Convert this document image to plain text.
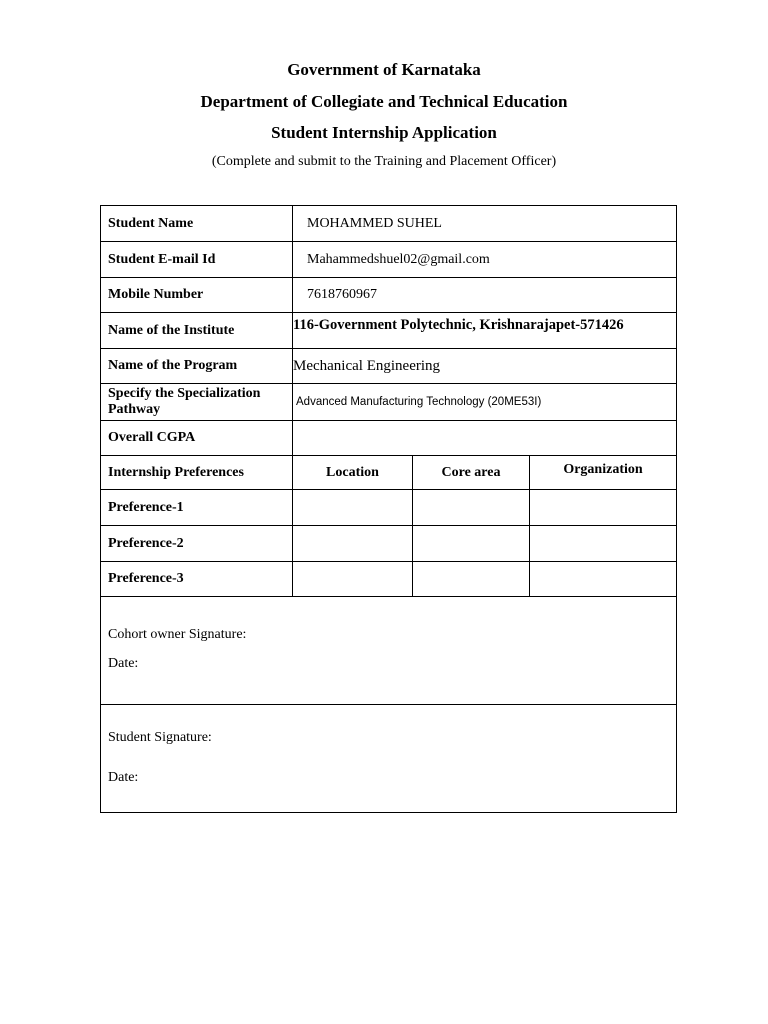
Government of Karnataka
Department of Collegiate and Technical Education
Student Internship Application
(Complete and submit to the Training and Placement Officer)
Student Name	MOHAMMED SUHEL		
Student E-mail Id	Mahammedshuel02@gmail.com		
Mobile Number	7618760967		
Name of the Institute	116-Government Polytechnic, Krishnarajapet-571426		
Name of the Program	Mechanical Engineering		
Specify the Specialization Pathway	Advanced Manufacturing Technology (20ME53I)		
Overall CGPA			
Internship Preferences	Location	Core area	Organization
Preference-1			
Preference-2			
Preference-3			

Cohort owner Signature:
Date:			

Student Signature:
Date:			
